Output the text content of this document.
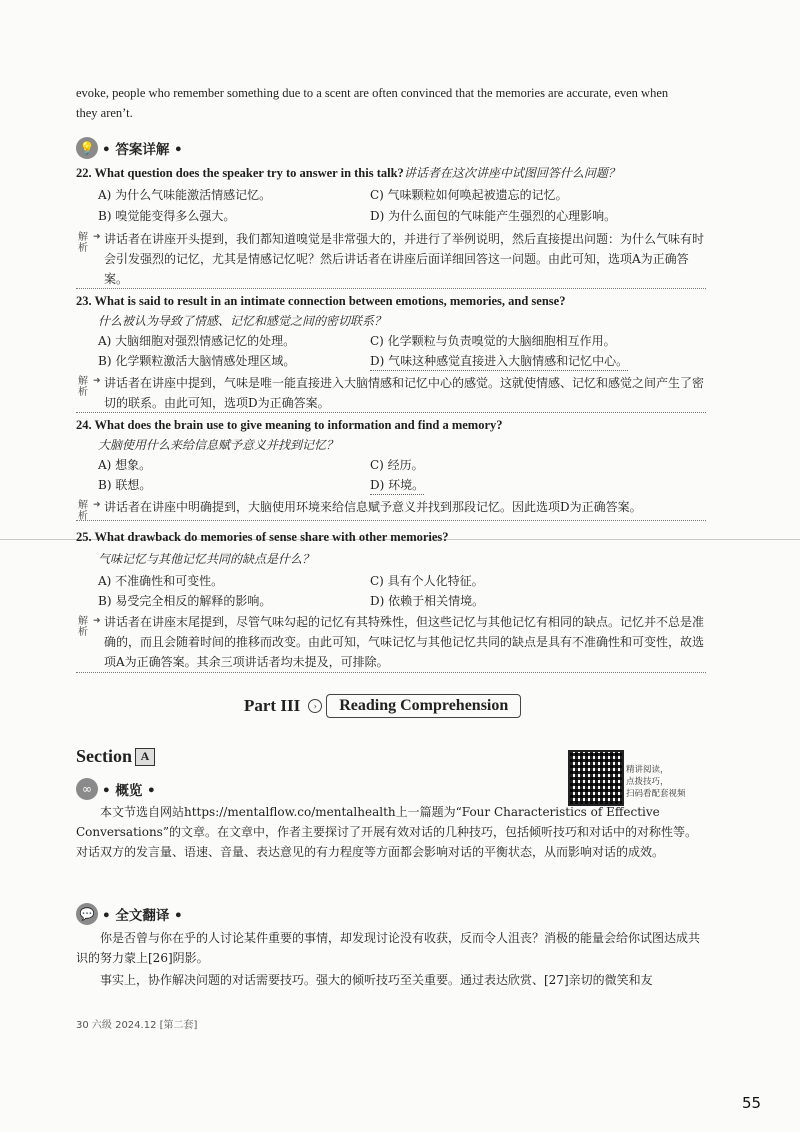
evoke, people who remember something due to a scent are often convinced that the memories are accurate, even when
they aren’t.
💡 • 答案详解 •
22. What question does the speaker try to answer in this talk?讲话者在这次讲座中试图回答什么问题？
A) 为什么气味能激活情感记忆。	C) 气味颗粒如何唤起被遗忘的记忆。
B) 嗅觉能变得多么强大。	D) 为什么面包的气味能产生强烈的心理影响。
解析
➜ 讲话者在讲座开头提到，我们都知道嗅觉是非常强大的，并进行了举例说明，然后直接提出问题：为什么气味有时会引发强烈的记忆，尤其是情感记忆呢？然后讲话者在讲座后面详细回答这一问题。由此可知，选项A为正确答案。
23. What is said to result in an intimate connection between emotions, memories, and sense?
什么被认为导致了情感、记忆和感觉之间的密切联系？
A) 大脑细胞对强烈情感记忆的处理。	C) 化学颗粒与负责嗅觉的大脑细胞相互作用。
B) 化学颗粒激活大脑情感处理区域。	D) 气味这种感觉直接进入大脑情感和记忆中心。
解析
➜ 讲话者在讲座中提到，气味是唯一能直接进入大脑情感和记忆中心的感觉。这就使情感、记忆和感觉之间产生了密切的联系。由此可知，选项D为正确答案。
24. What does the brain use to give meaning to information and find a memory?
大脑使用什么来给信息赋予意义并找到记忆？
A) 想象。	C) 经历。
B) 联想。	D) 环境。
解析
➜ 讲话者在讲座中明确提到，大脑使用环境来给信息赋予意义并找到那段记忆。因此选项D为正确答案。
25. What drawback do memories of sense share with other memories?
气味记忆与其他记忆共同的缺点是什么？
A) 不准确性和可变性。	C) 具有个人化特征。
B) 易受完全相反的解释的影响。	D) 依赖于相关情境。
解析
➜ 讲话者在讲座末尾提到，尽管气味勾起的记忆有其特殊性，但这些记忆与其他记忆有相同的缺点。记忆并不总是准确的，而且会随着时间的推移而改变。由此可知，气味记忆与其他记忆共同的缺点是具有不准确性和可变性，故选项A为正确答案。其余三项讲话者均未提及，可排除。
Part III	›	Reading Comprehension
Section A
精讲阅读，
点拨技巧，
扫码看配套视频
∞ • 概览 •
本文节选自网站https://mentalflow.co/mentalhealth上一篇题为“Four Characteristics of Effective Conversations”的文章。在文章中，作者主要探讨了开展有效对话的几种技巧，包括倾听技巧和对话中的对称性等。对话双方的发言量、语速、音量、表达意见的有力程度等方面都会影响对话的平衡状态，从而影响对话的成效。
💬 • 全文翻译 •
你是否曾与你在乎的人讨论某件重要的事情，却发现讨论没有收获，反而令人沮丧？消极的能量会给你试图达成共识的努力蒙上[26]阴影。
事实上，协作解决问题的对话需要技巧。强大的倾听技巧至关重要。通过表达欣赏、[27]亲切的微笑和友
30 六级 2024.12 [第二套]
55
